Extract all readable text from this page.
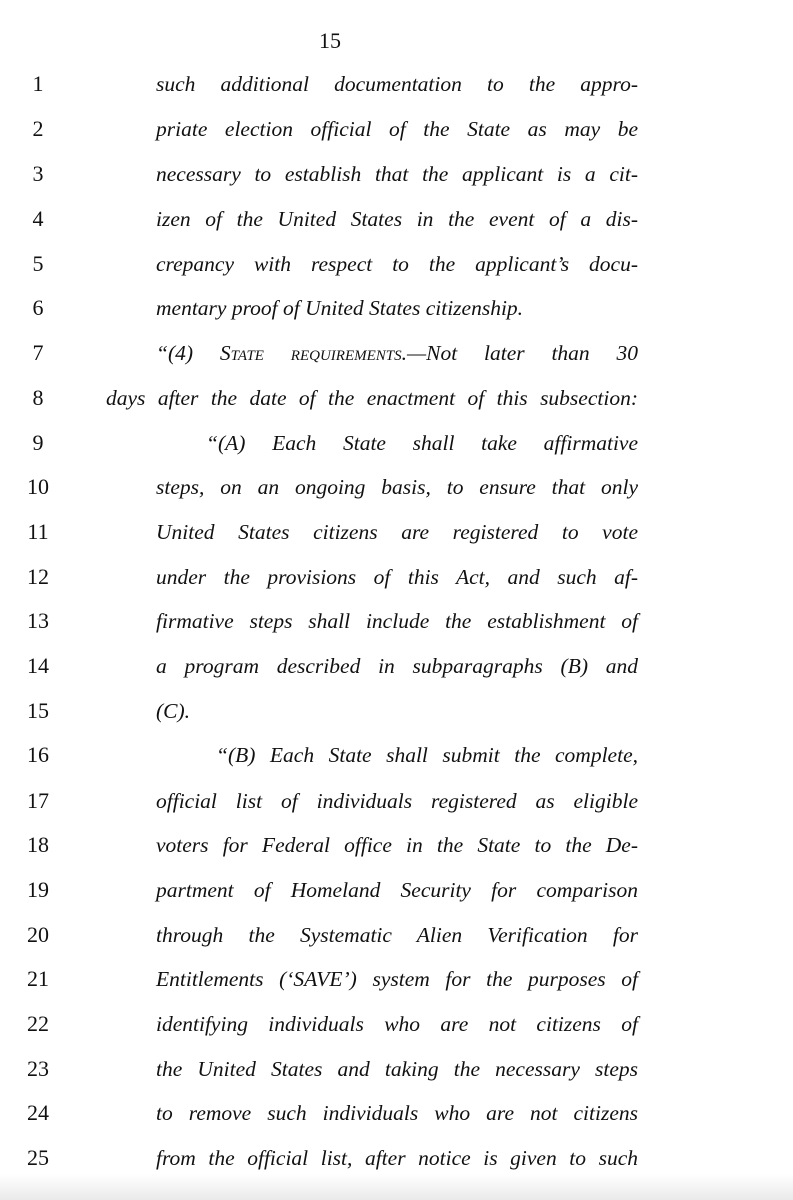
15
1	such additional documentation to the appro-
2	priate election official of the State as may be
3	necessary to establish that the applicant is a cit-
4	izen of the United States in the event of a dis-
5	crepancy with respect to the applicant’s docu-
6	mentary proof of United States citizenship.
7	“(4) State requirements.—Not later than 30
8	days after the date of the enactment of this subsection:
9	“(A) Each State shall take affirmative
10	steps, on an ongoing basis, to ensure that only
11	United States citizens are registered to vote
12	under the provisions of this Act, and such af-
13	firmative steps shall include the establishment of
14	a program described in subparagraphs (B) and
15	(C).
16	“(B) Each State shall submit the complete,
17	official list of individuals registered as eligible
18	voters for Federal office in the State to the De-
19	partment of Homeland Security for comparison
20	through the Systematic Alien Verification for
21	Entitlements (‘SAVE’) system for the purposes of
22	identifying individuals who are not citizens of
23	the United States and taking the necessary steps
24	to remove such individuals who are not citizens
25	from the official list, after notice is given to such
